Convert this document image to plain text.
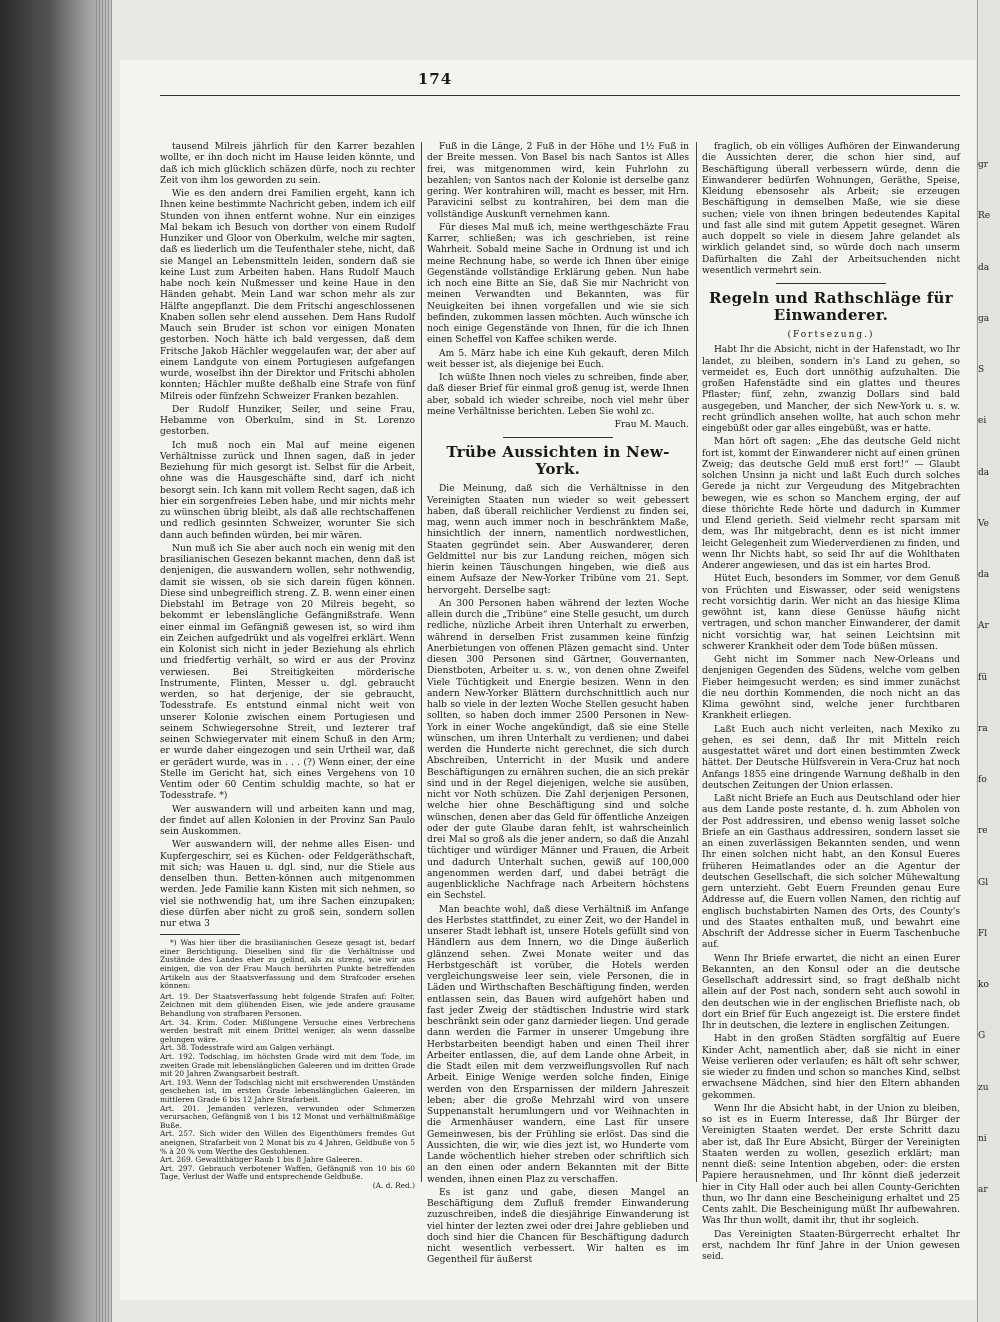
174

tausend Milreis jährlich für den Karrer bezahlen wollte, er ihn doch nicht im Hause leiden könnte, und daß ich mich glücklich schäzen dürfe, noch zu rechter Zeit von ihm los geworden zu sein.

Wie es den andern drei Familien ergeht, kann ich Ihnen keine bestimmte Nachricht geben, indem ich eilf Stunden von ihnen entfernt wohne. Nur ein einziges Mal bekam ich Besuch von dorther von einem Rudolf Hunziker und Gloor von Oberkulm, welche mir sagten, daß es liederlich um die Teufenthaler stehe, nicht, daß sie Mangel an Lebensmitteln leiden, sondern daß sie keine Lust zum Arbeiten haben. Hans Rudolf Mauch habe noch kein Nußmesser und keine Haue in den Händen gehabt. Mein Land war schon mehr als zur Hälfte angepflanzt. Die dem Fritschi angeschlossenen Knaben sollen sehr elend aussehen. Dem Hans Rudolf Mauch sein Bruder ist schon vor einigen Monaten gestorben. Noch hätte ich bald vergessen, daß dem Fritsche Jakob Hächler weggelaufen war, der aber auf einem Landgute von einem Portugiesen aufgefangen wurde, woselbst ihn der Direktor und Fritschi abholen konnten; Hächler mußte deßhalb eine Strafe von fünf Milreis oder fünfzehn Schweizer Franken bezahlen.

Der Rudolf Hunziker, Seiler, und seine Frau, Hebamme von Oberkulm, sind in St. Lorenzo gestorben.

Ich muß noch ein Mal auf meine eigenen Verhältnisse zurück und Ihnen sagen, daß in jeder Beziehung für mich gesorgt ist. Selbst für die Arbeit, ohne was die Hausgeschäfte sind, darf ich nicht besorgt sein. Ich kann mit vollem Recht sagen, daß ich hier ein sorgenfreies Leben habe, und mir nichts mehr zu wünschen übrig bleibt, als daß alle rechtschaffenen und redlich gesinnten Schweizer, worunter Sie sich dann auch befinden würden, bei mir wären.

Nun muß ich Sie aber auch noch ein wenig mit den brasilianischen Gesezen bekannt machen, denn daß ist denjenigen, die auswandern wollen, sehr nothwendig, damit sie wissen, ob sie sich darein fügen können. Diese sind unbegreiflich streng. Z. B. wenn einer einen Diebstahl im Betrage von 20 Milreis begeht, so bekommt er lebenslängliche Gefängnißstrafe. Wenn einer einmal im Gefängniß gewesen ist, so wird ihm ein Zeichen aufgedrükt und als vogelfrei erklärt. Wenn ein Kolonist sich nicht in jeder Beziehung als ehrlich und friedfertig verhält, so wird er aus der Provinz verwiesen. Bei Streitigkeiten mörderische Instrumente, Flinten, Messer u. dgl. gebraucht werden, so hat derjenige, der sie gebraucht, Todesstrafe. Es entstund einmal nicht weit von unserer Kolonie zwischen einem Portugiesen und seinem Schwiegersohne Streit, und lezterer traf seinen Schwiegervater mit einem Schuß in den Arm; er wurde daher eingezogen und sein Urtheil war, daß er gerädert wurde, was in . . . (?) Wenn einer, der eine Stelle im Gericht hat, sich eines Vergehens von 10 Ventim oder 60 Centim schuldig machte, so hat er Todesstrafe. *)

Wer auswandern will und arbeiten kann und mag, der findet auf allen Kolonien in der Provinz San Paulo sein Auskommen.

Wer auswandern will, der nehme alles Eisen- und Kupfergeschirr, sei es Küchen- oder Feldgeräthschaft, mit sich; was Hauen u. dgl. sind, nur die Stiele aus denselben thun. Betten-können auch mitgenommen werden. Jede Familie kann Kisten mit sich nehmen, so viel sie nothwendig hat, um ihre Sachen einzupaken; diese dürfen aber nicht zu groß sein, sondern sollen nur etwa 3

*) Was hier über die brasilianischen Geseze gesagt ist, bedarf einer Berichtigung. Dieselben sind für die Verhältnisse und Zustände des Landes eher zu gelind, als zu streng, wie wir aus einigen, die von der Frau Mauch berührten Punkte betreffenden Artikeln aus der Staatsverfassung und dem Strafcoder ersehen können:
Art. 19. Der Staatsverfassung hebt folgende Strafen auf: Folter, Zeichnen mit dem glühenden Eisen, wie jede andere grausame Behandlung von strafbaren Personen.
Art. 34. Krim. Coder. Mißlungene Versuche eines Verbrechens werden bestraft mit einem Drittel weniger, als wenn dasselbe gelungen wäre.
Art. 38. Todesstrafe wird am Galgen verhängt.
Art. 192. Todschlag, im höchsten Grade wird mit dem Tode, im zweiten Grade mit lebenslänglichen Galeeren und im dritten Grade mit 20 Jahren Zwangsarbeit bestraft.
Art. 193. Wenn der Todschlag nicht mit erschwerenden Umständen geschehen ist, im ersten Grade lebenslänglichen Galeeren, im mittleren Grade 6 bis 12 Jahre Strafarbeit.
Art. 201. Jemanden verlezen, verwunden oder Schmerzen verursachen, Gefängniß von 1 bis 12 Monat und verhältnißmäßige Buße.
Art. 257. Sich wider den Willen des Eigenthümers fremdes Gut aneignen, Strafarbeit von 2 Monat bis zu 4 Jahren, Geldbuße von 5 % à 20 % vom Werthe des Gestohlenen.
Art. 269. Gewaltthätiger Raub 1 bis 8 Jahre Galeeren.
Art. 297. Gebrauch verbotener Waffen, Gefängniß von 10 bis 60 Tage, Verlust der Waffe und entsprechende Geldbuße.
(A. d. Red.)

Fuß in die Länge, 2 Fuß in der Höhe und 1½ Fuß in der Breite messen. Von Basel bis nach Santos ist Alles frei, was mitgenommen wird, kein Fuhrlohn zu bezahlen; von Santos nach der Kolonie ist derselbe ganz gering. Wer kontrahiren will, macht es besser, mit Hrn. Paravicini selbst zu kontrahiren, bei dem man die vollständige Auskunft vernehmen kann.

Für dieses Mal muß ich, meine werthgeschäzte Frau Karrer, schließen; was ich geschrieben, ist reine Wahrheit. Sobald meine Sache in Ordnung ist und ich meine Rechnung habe, so werde ich Ihnen über einige Gegenstände vollständige Erklärung geben. Nun habe ich noch eine Bitte an Sie, daß Sie mir Nachricht von meinen Verwandten und Bekannten, was für Neuigkeiten bei ihnen vorgefallen und wie sie sich befinden, zukommen lassen möchten. Auch wünsche ich noch einige Gegenstände von Ihnen, für die ich Ihnen einen Scheffel von Kaffee schiken werde.

Am 5. März habe ich eine Kuh gekauft, deren Milch weit besser ist, als diejenige bei Euch.

Ich wüßte Ihnen noch vieles zu schreiben, finde aber, daß dieser Brief für einmal groß genug ist, werde Ihnen aber, sobald ich wieder schreibe, noch viel mehr über meine Verhältnisse berichten. Leben Sie wohl zc.

Frau M. Mauch.
Trübe Aussichten in New-York.

Die Meinung, daß sich die Verhältnisse in den Vereinigten Staaten nun wieder so weit gebessert haben, daß überall reichlicher Verdienst zu finden sei, mag, wenn auch immer noch in beschränktem Maße, hinsichtlich der innern, namentlich nordwestlichen, Staaten gegründet sein. Aber Auswanderer, deren Geldmittel nur bis zur Landung reichen, mögen sich hierin keinen Täuschungen hingeben, wie dieß aus einem Aufsaze der New-Yorker Tribüne vom 21. Sept. hervorgeht. Derselbe sagt:

An 300 Personen haben während der lezten Woche allein durch die „Tribüne“ eine Stelle gesucht, um durch redliche, nüzliche Arbeit ihren Unterhalt zu erwerben, während in derselben Frist zusammen keine fünfzig Anerbietungen von offenen Pläzen gemacht sind. Unter diesen 300 Personen sind Gärtner, Gouvernanten, Dienstboten, Arbeiter u. s. w., von denen ohne Zweifel Viele Tüchtigkeit und Energie besizen. Wenn in den andern New-Yorker Blättern durchschnittlich auch nur halb so viele in der lezten Woche Stellen gesucht haben sollten, so haben doch immer 2500 Personen in New-York in einer Woche angekündigt, daß sie eine Stelle wünschen, um ihren Unterhalt zu verdienen; und dabei werden die Hunderte nicht gerechnet, die sich durch Abschreiben, Unterricht in der Musik und andere Beschäftigungen zu ernähren suchen, die an sich prekär sind und in der Regel diejenigen, welche sie ausüben, nicht vor Noth schüzen. Die Zahl derjenigen Personen, welche hier ohne Beschäftigung sind und solche wünschen, denen aber das Geld für öffentliche Anzeigen oder der gute Glaube daran fehlt, ist wahrscheinlich drei Mal so groß als die jener andern, so daß die Anzahl tüchtiger und würdiger Männer und Frauen, die Arbeit und dadurch Unterhalt suchen, gewiß auf 100,000 angenommen werden darf, und dabei beträgt die augenblickliche Nachfrage nach Arbeitern höchstens ein Sechstel.

Man beachte wohl, daß diese Verhältniß im Anfange des Herbstes stattfindet, zu einer Zeit, wo der Handel in unserer Stadt lebhaft ist, unsere Hotels gefüllt sind von Händlern aus dem Innern, wo die Dinge äußerlich glänzend sehen. Zwei Monate weiter und das Herbstgeschäft ist vorüber, die Hotels werden vergleichungsweise leer sein, viele Personen, die in Läden und Wirthschaften Beschäftigung finden, werden entlassen sein, das Bauen wird aufgehört haben und fast jeder Zweig der städtischen Industrie wird stark beschränkt sein oder ganz darnieder liegen. Und gerade dann werden die Farmer in unserer Umgebung ihre Herbstarbeiten beendigt haben und einen Theil ihrer Arbeiter entlassen, die, auf dem Lande ohne Arbeit, in die Stadt eilen mit dem verzweiflungsvollen Ruf nach Arbeit. Einige Wenige werden solche finden, Einige werden von den Ersparnissen der mildern Jahreszeit leben; aber die große Mehrzahl wird von unsere Suppenanstalt herumlungern und vor Weihnachten in die Armenhäuser wandern, eine Last für unsere Gemeinwesen, bis der Frühling sie erlöst. Das sind die Aussichten, die wir, wie dies jezt ist, wo Hunderte vom Lande wöchentlich hieher streben oder schriftlich sich an den einen oder andern Bekannten mit der Bitte wenden, ihnen einen Plaz zu verschaffen.

Es ist ganz und gabe, diesen Mangel an Beschäftigung dem Zufluß fremder Einwanderung zuzuschreiben, indeß die diesjährige Einwanderung ist viel hinter der lezten zwei oder drei Jahre geblieben und doch sind hier die Chancen für Beschäftigung dadurch nicht wesentlich verbessert. Wir halten es im Gegentheil für äußerst

fraglich, ob ein völliges Aufhören der Einwanderung die Aussichten derer, die schon hier sind, auf Beschäftigung überall verbessern würde, denn die Einwanderer bedürfen Wohnungen, Geräthe, Speise, Kleidung ebensosehr als Arbeit; sie erzeugen Beschäftigung in demselben Maße, wie sie diese suchen; viele von ihnen bringen bedeutendes Kapital und fast alle sind mit gutem Appetit gesegnet. Wären auch doppelt so viele in diesem Jahre gelandet als wirklich gelandet sind, so würde doch nach unserm Dafürhalten die Zahl der Arbeitsuchenden nicht wesentlich vermehrt sein.

Regeln und Rathschläge für Einwanderer.
(Fortsezung.)

Habt Ihr die Absicht, nicht in der Hafenstadt, wo Ihr landet, zu bleiben, sondern in's Land zu gehen, so vermeidet es, Euch dort unnöthig aufzuhalten. Die großen Hafenstädte sind ein glattes und theures Pflaster; fünf, zehn, zwanzig Dollars sind bald ausgegeben, und Mancher, der sich New-York u. s. w. recht gründlich ansehen wollte, hat auch schon mehr eingebüßt oder gar alles eingebüßt, was er hatte.

Man hört oft sagen: „Ehe das deutsche Geld nicht fort ist, kommt der Einwanderer nicht auf einen grünen Zweig; das deutsche Geld muß erst fort!“ — Glaubt solchen Unsinn ja nicht und laßt Euch durch solches Gerede ja nicht zur Vergeudung des Mitgebrachten bewegen, wie es schon so Manchem erging, der auf diese thörichte Rede hörte und dadurch in Kummer und Elend gerieth. Seid vielmehr recht sparsam mit dem, was Ihr mitgebracht, denn es ist nicht immer leicht Gelegenheit zum Wiederverdienen zu finden, und wenn Ihr Nichts habt, so seid Ihr auf die Wohlthaten Anderer angewiesen, und das ist ein hartes Brod.

Hütet Euch, besonders im Sommer, vor dem Genuß von Früchten und Eiswasser, oder seid wenigstens recht vorsichtig darin. Wer nicht an das hiesige Klima gewöhnt ist, kann diese Genüsse häufig nicht vertragen, und schon mancher Einwanderer, der damit nicht vorsichtig war, hat seinen Leichtsinn mit schwerer Krankheit oder dem Tode büßen müssen.

Geht nicht im Sommer nach New-Orleans und denjenigen Gegenden des Südens, welche vom gelben Fieber heimgesucht werden; es sind immer zunächst die neu dorthin Kommenden, die noch nicht an das Klima gewöhnt sind, welche jener furchtbaren Krankheit erliegen.

Laßt Euch auch nicht verleiten, nach Mexiko zu gehen, es sei denn, daß Ihr mit Mitteln reich ausgestattet wäret und dort einen bestimmten Zweck hättet. Der Deutsche Hülfsverein in Vera-Cruz hat noch Anfangs 1855 eine dringende Warnung deßhalb in den deutschen Zeitungen der Union erlassen.

Laßt nicht Briefe an Euch aus Deutschland oder hier aus dem Lande poste restante, d. h. zum Abholen von der Post addressiren, und ebenso wenig lasset solche Briefe an ein Gasthaus addressiren, sondern lasset sie an einen zuverlässigen Bekannten senden, und wenn Ihr einen solchen nicht habt, an den Konsul Eueres früheren Heimatlandes oder an die Agentur der deutschen Gesellschaft, die sich solcher Mühewaltung gern unterzieht. Gebt Euern Freunden genau Eure Addresse auf, die Euern vollen Namen, den richtig auf englisch buchstabirten Namen des Orts, des County's und des Staates enthalten muß, und bewahrt eine Abschrift der Addresse sicher in Euerm Taschenbuche auf.

Wenn Ihr Briefe erwartet, die nicht an einen Eurer Bekannten, an den Konsul oder an die deutsche Gesellschaft addressirt sind, so fragt deßhalb nicht allein auf der Post nach, sondern seht auch sowohl in den deutschen wie in der englischen Briefliste nach, ob dort ein Brief für Euch angezeigt ist. Die erstere findet Ihr in deutschen, die leztere in englischen Zeitungen.

Habt in den großen Städten sorgfältig auf Euere Kinder Acht, namentlich aber, daß sie nicht in einer Weise verlieren oder verlaufen; es hält oft sehr schwer, sie wieder zu finden und schon so manches Kind, selbst erwachsene Mädchen, sind hier den Eltern abhanden gekommen.

Wenn Ihr die Absicht habt, in der Union zu bleiben, so ist es in Euerm Interesse, daß Ihr Bürger der Vereinigten Staaten werdet. Der erste Schritt dazu aber ist, daß Ihr Eure Absicht, Bürger der Vereinigten Staaten werden zu wollen, gesezlich erklärt; man nennt dieß: seine Intention abgeben, oder: die ersten Papiere herausnehmen, und Ihr könnt dieß jederzeit hier in City Hall oder auch bei allen County-Gerichten thun, wo Ihr dann eine Bescheinigung erhaltet und 25 Cents zahlt. Die Bescheinigung müßt Ihr aufbewahren. Was Ihr thun wollt, damit ihr, thut ihr sogleich.

Das Vereinigten Staaten-Bürgerrecht erhaltet Ihr erst, nachdem Ihr fünf Jahre in der Union gewesen seid.

gr
Re
da
ga
S
ei
da
Ve
da
Ar
fü
ra
fo
re
Gl
Fl
ko
G
zu
ni
ar
